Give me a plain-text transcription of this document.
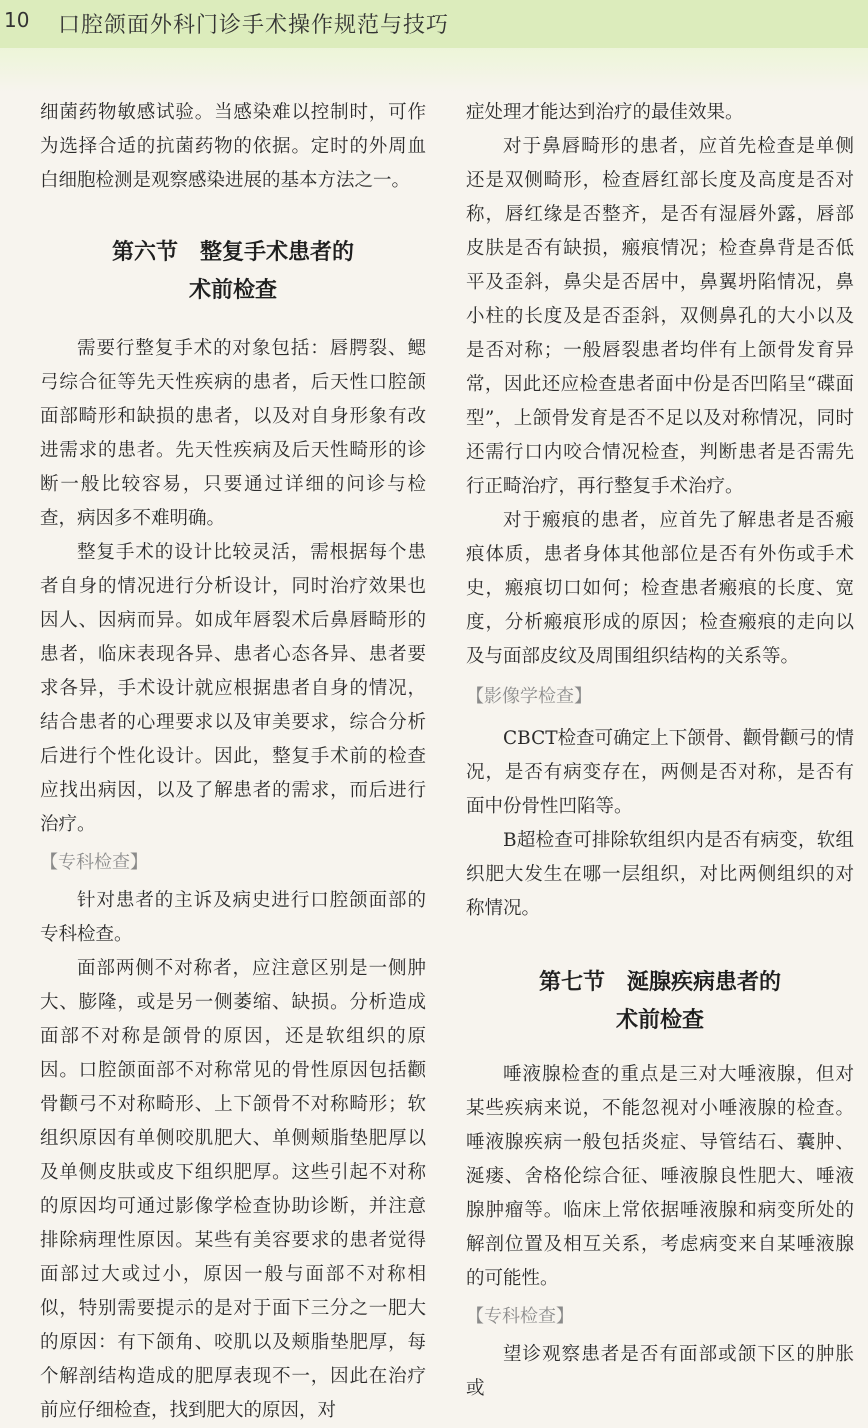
10 口腔颌面外科门诊手术操作规范与技巧

细菌药物敏感试验。当感染难以控制时，可作为选择合适的抗菌药物的依据。定时的外周血白细胞检测是观察感染进展的基本方法之一。

第六节　整复手术患者的
术前检查

需要行整复手术的对象包括：唇腭裂、鳃弓综合征等先天性疾病的患者，后天性口腔颌面部畸形和缺损的患者，以及对自身形象有改进需求的患者。先天性疾病及后天性畸形的诊断一般比较容易，只要通过详细的问诊与检查，病因多不难明确。

整复手术的设计比较灵活，需根据每个患者自身的情况进行分析设计，同时治疗效果也因人、因病而异。如成年唇裂术后鼻唇畸形的患者，临床表现各异、患者心态各异、患者要求各异，手术设计就应根据患者自身的情况，结合患者的心理要求以及审美要求，综合分析后进行个性化设计。因此，整复手术前的检查应找出病因，以及了解患者的需求，而后进行治疗。

【专科检查】

针对患者的主诉及病史进行口腔颌面部的专科检查。

面部两侧不对称者，应注意区别是一侧肿大、膨隆，或是另一侧萎缩、缺损。分析造成面部不对称是颌骨的原因，还是软组织的原因。口腔颌面部不对称常见的骨性原因包括颧骨颧弓不对称畸形、上下颌骨不对称畸形；软组织原因有单侧咬肌肥大、单侧颊脂垫肥厚以及单侧皮肤或皮下组织肥厚。这些引起不对称的原因均可通过影像学检查协助诊断，并注意排除病理性原因。某些有美容要求的患者觉得面部过大或过小，原因一般与面部不对称相似，特别需要提示的是对于面下三分之一肥大的原因：有下颌角、咬肌以及颊脂垫肥厚，每个解剖结构造成的肥厚表现不一，因此在治疗前应仔细检查，找到肥大的原因，对

症处理才能达到治疗的最佳效果。

对于鼻唇畸形的患者，应首先检查是单侧还是双侧畸形，检查唇红部长度及高度是否对称，唇红缘是否整齐，是否有湿唇外露，唇部皮肤是否有缺损，瘢痕情况；检查鼻背是否低平及歪斜，鼻尖是否居中，鼻翼坍陷情况，鼻小柱的长度及是否歪斜，双侧鼻孔的大小以及是否对称；一般唇裂患者均伴有上颌骨发育异常，因此还应检查患者面中份是否凹陷呈“碟面型”，上颌骨发育是否不足以及对称情况，同时还需行口内咬合情况检查，判断患者是否需先行正畸治疗，再行整复手术治疗。

对于瘢痕的患者，应首先了解患者是否瘢痕体质，患者身体其他部位是否有外伤或手术史，瘢痕切口如何；检查患者瘢痕的长度、宽度，分析瘢痕形成的原因；检查瘢痕的走向以及与面部皮纹及周围组织结构的关系等。

【影像学检查】

CBCT检查可确定上下颌骨、颧骨颧弓的情况，是否有病变存在，两侧是否对称，是否有面中份骨性凹陷等。

B超检查可排除软组织内是否有病变，软组织肥大发生在哪一层组织，对比两侧组织的对称情况。

第七节　涎腺疾病患者的
术前检查

唾液腺检查的重点是三对大唾液腺，但对某些疾病来说，不能忽视对小唾液腺的检查。唾液腺疾病一般包括炎症、导管结石、囊肿、涎瘘、舍格伦综合征、唾液腺良性肥大、唾液腺肿瘤等。临床上常依据唾液腺和病变所处的解剖位置及相互关系，考虑病变来自某唾液腺的可能性。

【专科检查】

望诊观察患者是否有面部或颌下区的肿胀或
